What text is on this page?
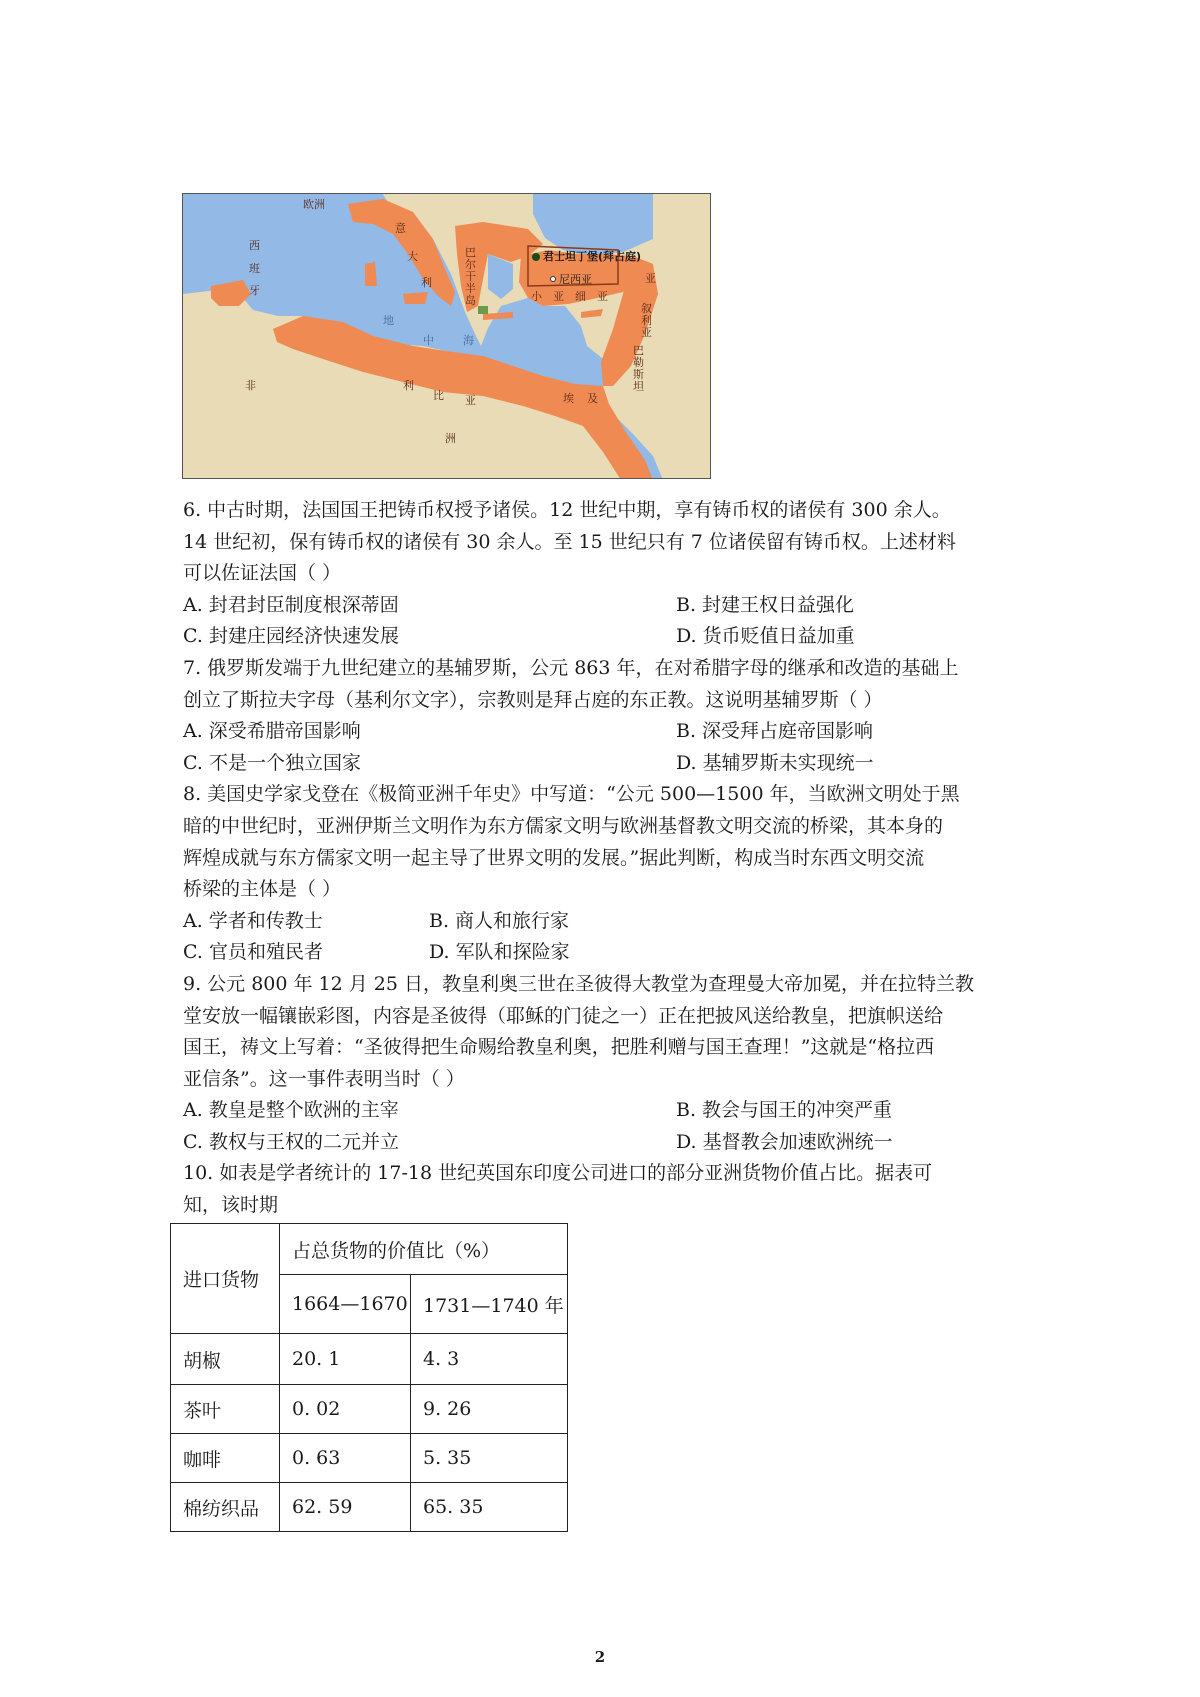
欧洲
西
班
牙
意
大
利
巴
尔
干
半
岛
君士坦丁堡(拜占庭)
尼西亚
小 亚 细 亚
亚
叙
利
亚
巴
勒
斯
坦
地
中	海
非	利
比 亚	埃 及
洲
6. 中古时期，法国国王把铸币权授予诸侯。12 世纪中期，享有铸币权的诸侯有 300 余人。
14 世纪初，保有铸币权的诸侯有 30 余人。至 15 世纪只有 7 位诸侯留有铸币权。上述材料
可以佐证法国（ ）
A. 封君封臣制度根深蒂固	B. 封建王权日益强化
C. 封建庄园经济快速发展	D. 货币贬值日益加重
7. 俄罗斯发端于九世纪建立的基辅罗斯，公元 863 年，在对希腊字母的继承和改造的基础上
创立了斯拉夫字母（基利尔文字），宗教则是拜占庭的东正教。这说明基辅罗斯（ ）
A. 深受希腊帝国影响	B. 深受拜占庭帝国影响
C. 不是一个独立国家	D. 基辅罗斯未实现统一
8. 美国史学家戈登在《极简亚洲千年史》中写道：“公元 500—1500 年，当欧洲文明处于黑
暗的中世纪时，亚洲伊斯兰文明作为东方儒家文明与欧洲基督教文明交流的桥梁，其本身的
辉煌成就与东方儒家文明一起主导了世界文明的发展。”据此判断，构成当时东西文明交流
桥梁的主体是（ ）
A. 学者和传教士	B. 商人和旅行家
C. 官员和殖民者	D. 军队和探险家
9. 公元 800 年 12 月 25 日，教皇利奥三世在圣彼得大教堂为查理曼大帝加冕，并在拉特兰教
堂安放一幅镶嵌彩图，内容是圣彼得（耶稣的门徒之一）正在把披风送给教皇，把旗帜送给
国王，祷文上写着：“圣彼得把生命赐给教皇利奥，把胜利赠与国王查理！”这就是“格拉西
亚信条”。这一事件表明当时（ ）
A. 教皇是整个欧洲的主宰	B. 教会与国王的冲突严重
C. 教权与王权的二元并立	D. 基督教会加速欧洲统一
10. 如表是学者统计的 17-18 世纪英国东印度公司进口的部分亚洲货物价值占比。据表可
知，该时期
进口货物	占总货物的价值比（%）	
	1664—1670	1731—1740 年
胡椒	20. 1	4. 3
茶叶	0. 02	9. 26
咖啡	0. 63	5. 35
棉纺织品	62. 59	65. 35
2
